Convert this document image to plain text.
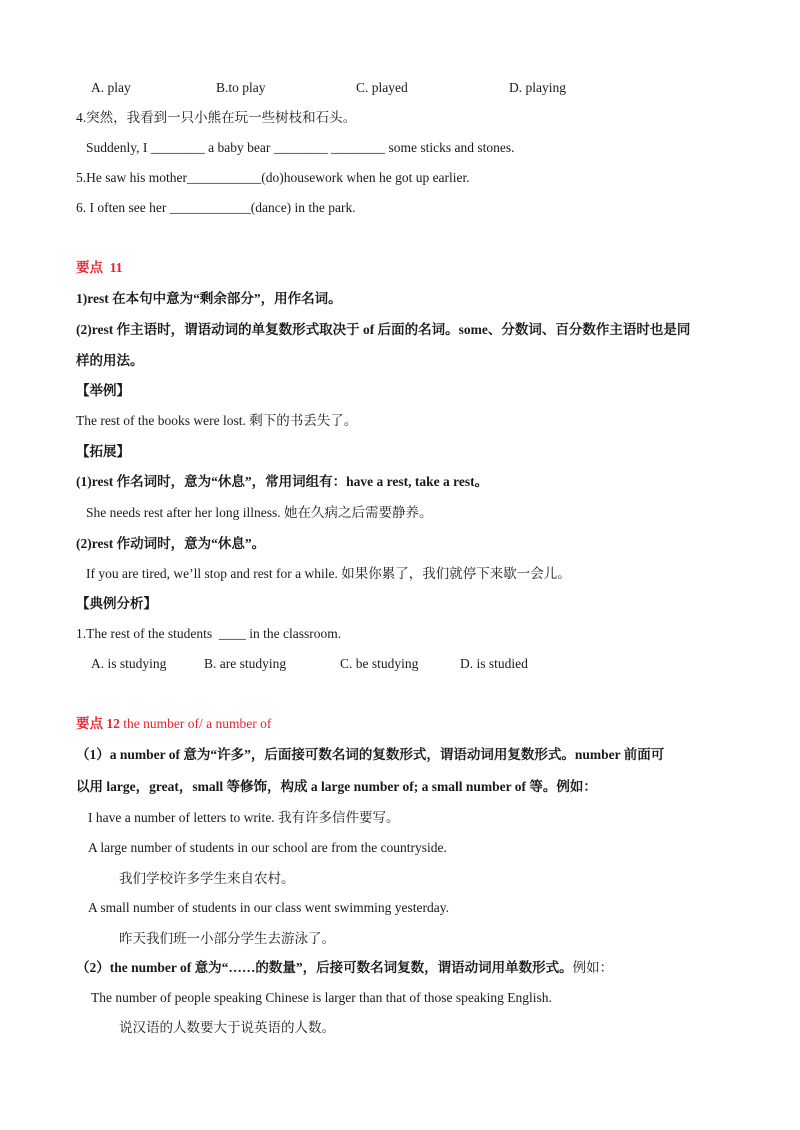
A. play	B.to play	C. played	D. playing
4.突然，我看到一只小熊在玩一些树枝和石头。
Suddenly, I ________ a baby bear ________ ________ some sticks and stones.
5.He saw his mother___________(do)housework when he got up earlier.
6. I often see her ____________(dance) in the park.
要点  11
1)rest 在本句中意为“剩余部分”，用作名词。
(2)rest 作主语时，谓语动词的单复数形式取决于 of 后面的名词。some、分数词、百分数作主语时也是同
样的用法。
【举例】
The rest of the books were lost. 剩下的书丢失了。
【拓展】
(1)rest 作名词时，意为“休息”，常用词组有：have a rest, take a rest。
She needs rest after her long illness. 她在久病之后需要静养。
(2)rest 作动词时，意为“休息”。
If you are tired, we’ll stop and rest for a while. 如果你累了，我们就停下来歇一会儿。
【典例分析】
1.The rest of the students  ____ in the classroom.
A. is studying	B. are studying	C. be studying	D. is studied
要点 12 the number of/ a number of
（1）a number of 意为“许多”，后面接可数名词的复数形式，谓语动词用复数形式。number 前面可
以用 large，great，small 等修饰，构成 a large number of; a small number of 等。例如：
I have a number of letters to write. 我有许多信件要写。
A large number of students in our school are from the countryside.
我们学校许多学生来自农村。
A small number of students in our class went swimming yesterday.
昨天我们班一小部分学生去游泳了。
（2）the number of 意为“……的数量”，后接可数名词复数，谓语动词用单数形式。例如：
The number of people speaking Chinese is larger than that of those speaking English.
说汉语的人数要大于说英语的人数。
